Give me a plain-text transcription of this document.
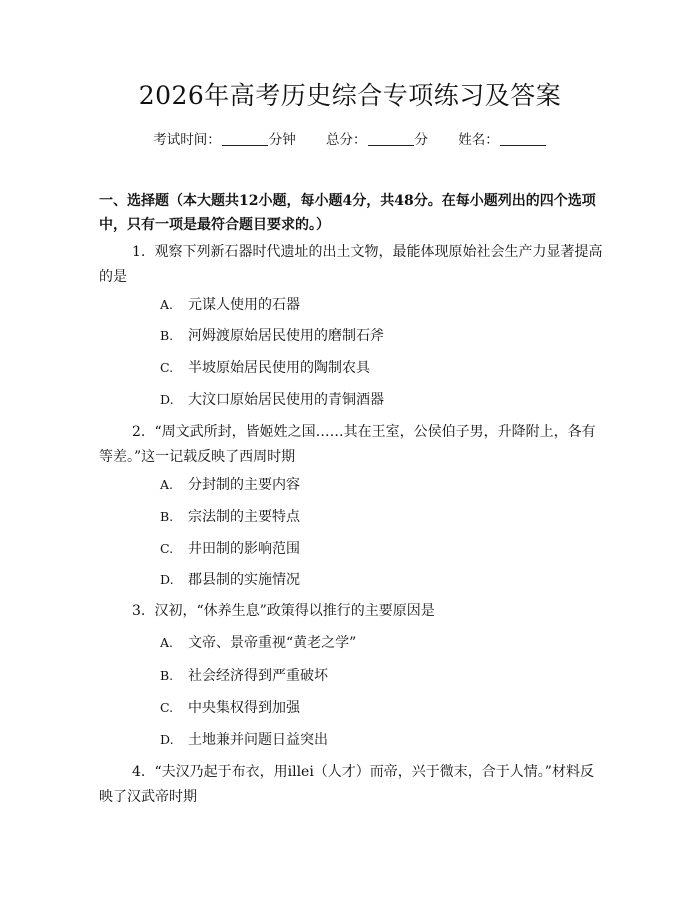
2026年高考历史综合专项练习及答案
考试时间：	分钟 总分：	分 姓名：
一、选择题（本大题共12小题，每小题4分，共48分。在每小题列出的四个选项中，只有一项是最符合题目要求的。）
1. 观察下列新石器时代遗址的出土文物，最能体现原始社会生产力显著提高的是
A. 元谋人使用的石器
B. 河姆渡原始居民使用的磨制石斧
C. 半坡原始居民使用的陶制农具
D. 大汶口原始居民使用的青铜酒器
2. “周文武所封，皆姬姓之国……其在王室，公侯伯子男，升降附上，各有等差。”这一记载反映了西周时期
A. 分封制的主要内容
B. 宗法制的主要特点
C. 井田制的影响范围
D. 郡县制的实施情况
3. 汉初，“休养生息”政策得以推行的主要原因是
A. 文帝、景帝重视“黄老之学”
B. 社会经济得到严重破坏
C. 中央集权得到加强
D. 土地兼并问题日益突出
4. “夫汉乃起于布衣，用illei（人才）而帝，兴于微末，合于人情。”材料反映了汉武帝时期
